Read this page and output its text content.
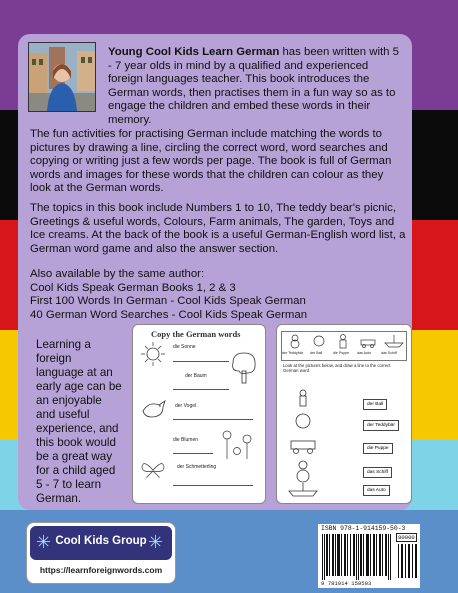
Young Cool Kids Learn German has been written with 5 - 7 year olds in mind by a qualified and experienced foreign languages teacher. This book introduces the German words, then practises them in a fun way so as to engage the children and embed these words in their memory.

The fun activities for practising German include matching the words to pictures by drawing a line, circling the correct word, word searches and copying or writing just a few words per page. The book is full of German words and images for these words that the children can colour as they look at the German words.

The topics in this book include Numbers 1 to 10, The teddy bear's picnic, Greetings & useful words, Colours, Farm animals, The garden, Toys and Ice creams. At the back of the book is a useful German-English word list, a German word game and also the answer section.

Also available by the same author:
Cool Kids Speak German Books 1, 2 & 3
First 100 Words In German - Cool Kids Speak German
40 German Word Searches - Cool Kids Speak German

Learning a foreign language at an early age can be an enjoyable and useful experience, and this book would be a great way for a child aged 5 - 7 to learn German.

Copy the German words
die Sonne
der Baum
der Vogel
die Blumen
der Schmetterling
der Teddybär der Ball	die Puppe das Auto	das Schiff
Look at the pictures below, and draw a line to the correct German word.
der Ball
der Teddybär
die Puppe
das Schiff
das Auto
✳ Cool Kids Group ✳
https://learnforeignwords.com
ISBN 978-1-914159-50-3
90000
9 781914 159503
